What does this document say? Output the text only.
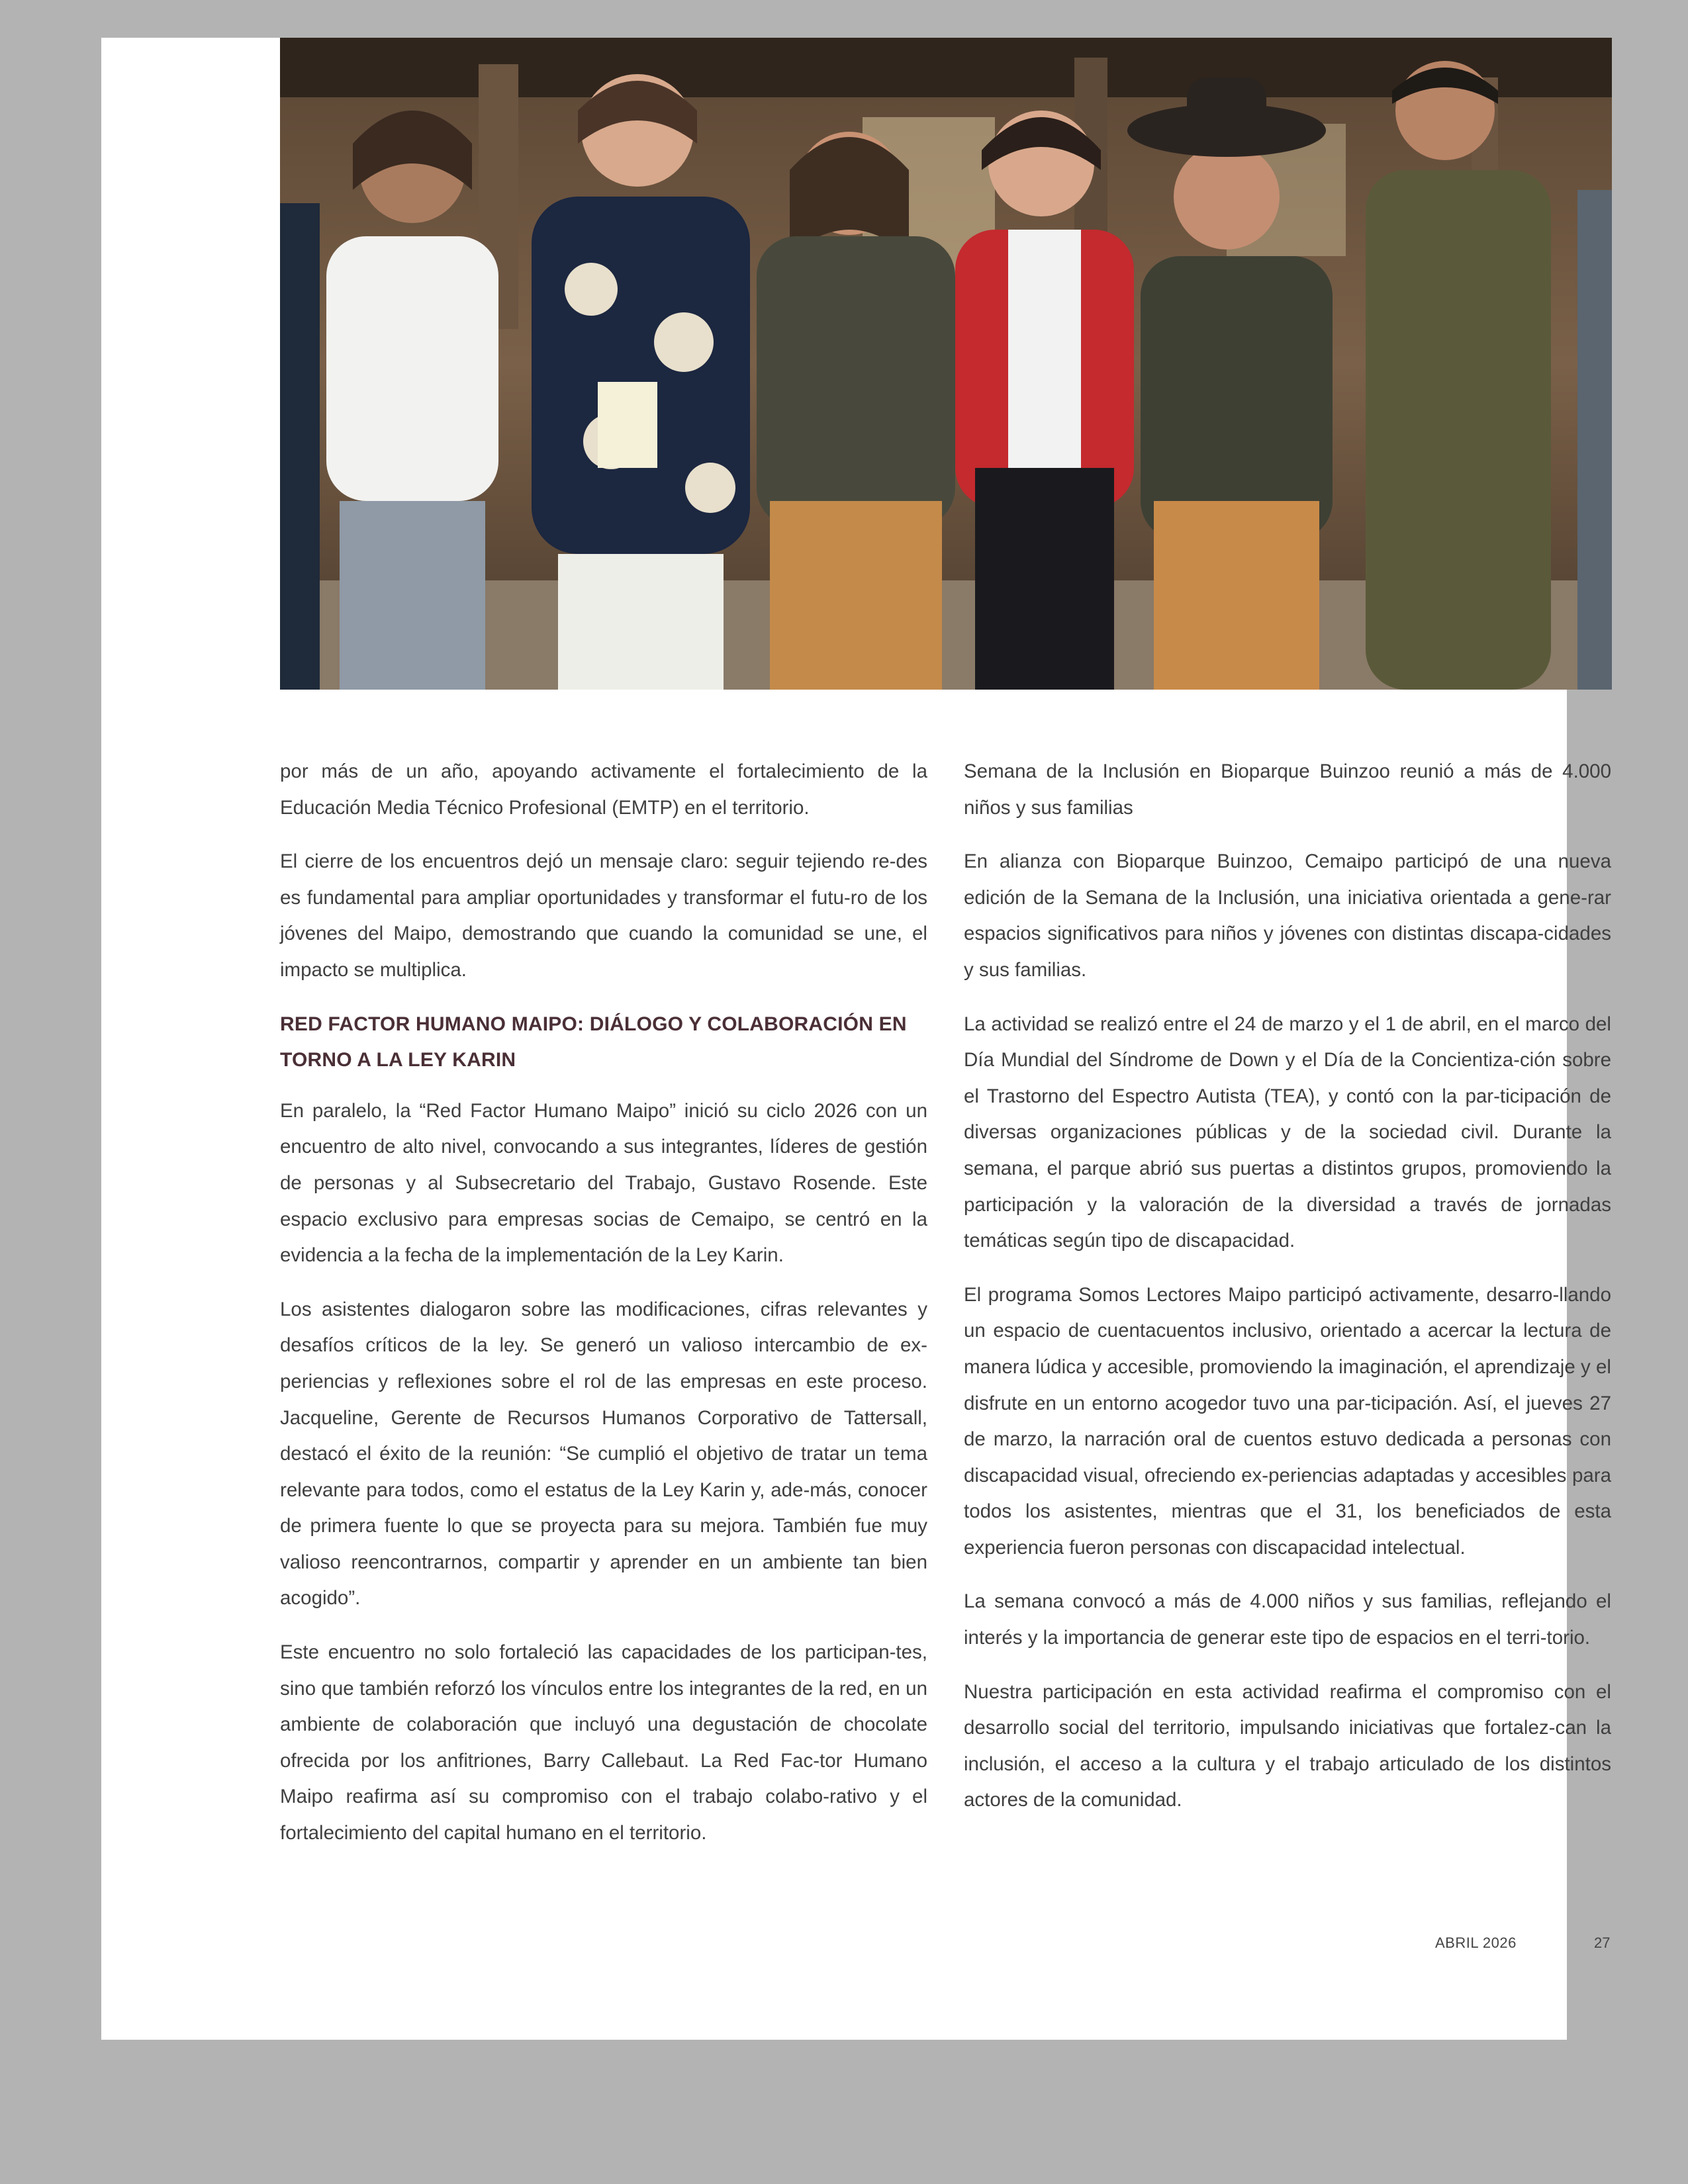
por más de un año, apoyando activamente el fortalecimiento de la Educación Media Técnico Profesional (EMTP) en el territorio.

El cierre de los encuentros dejó un mensaje claro: seguir tejiendo re-des es fundamental para ampliar oportunidades y transformar el futu-ro de los jóvenes del Maipo, demostrando que cuando la comunidad se une, el impacto se multiplica.

RED FACTOR HUMANO MAIPO: DIÁLOGO Y COLABORACIÓN EN TORNO A LA LEY KARIN

En paralelo, la “Red Factor Humano Maipo” inició su ciclo 2026 con un encuentro de alto nivel, convocando a sus integrantes, líderes de gestión de personas y al Subsecretario del Trabajo, Gustavo Rosende. Este espacio exclusivo para empresas socias de Cemaipo, se centró en la evidencia a la fecha de la implementación de la Ley Karin.

Los asistentes dialogaron sobre las modificaciones, cifras relevantes y desafíos críticos de la ley. Se generó un valioso intercambio de ex-periencias y reflexiones sobre el rol de las empresas en este proceso. Jacqueline, Gerente de Recursos Humanos Corporativo de Tattersall, destacó el éxito de la reunión: “Se cumplió el objetivo de tratar un tema relevante para todos, como el estatus de la Ley Karin y, ade-más, conocer de primera fuente lo que se proyecta para su mejora. También fue muy valioso reencontrarnos, compartir y aprender en un ambiente tan bien acogido”.

Este encuentro no solo fortaleció las capacidades de los participan-tes, sino que también reforzó los vínculos entre los integrantes de la red, en un ambiente de colaboración que incluyó una degustación de chocolate ofrecida por los anfitriones, Barry Callebaut. La Red Fac-tor Humano Maipo reafirma así su compromiso con el trabajo colabo-rativo y el fortalecimiento del capital humano en el territorio.

Semana de la Inclusión en Bioparque Buinzoo reunió a más de 4.000 niños y sus familias

En alianza con Bioparque Buinzoo, Cemaipo participó de una nueva edición de la Semana de la Inclusión, una iniciativa orientada a gene-rar espacios significativos para niños y jóvenes con distintas discapa-cidades y sus familias.

La actividad se realizó entre el 24 de marzo y el 1 de abril, en el marco del Día Mundial del Síndrome de Down y el Día de la Concientiza-ción sobre el Trastorno del Espectro Autista (TEA), y contó con la par-ticipación de diversas organizaciones públicas y de la sociedad civil. Durante la semana, el parque abrió sus puertas a distintos grupos, promoviendo la participación y la valoración de la diversidad a través de jornadas temáticas según tipo de discapacidad.

El programa Somos Lectores Maipo participó activamente, desarro-llando un espacio de cuentacuentos inclusivo, orientado a acercar la lectura de manera lúdica y accesible, promoviendo la imaginación, el aprendizaje y el disfrute en un entorno acogedor tuvo una par-ticipación. Así, el jueves 27 de marzo, la narración oral de cuentos estuvo dedicada a personas con discapacidad visual, ofreciendo ex-periencias adaptadas y accesibles para todos los asistentes, mientras que el 31, los beneficiados de esta experiencia fueron personas con discapacidad intelectual.

La semana convocó a más de 4.000 niños y sus familias, reflejando el interés y la importancia de generar este tipo de espacios en el terri-torio.

Nuestra participación en esta actividad reafirma el compromiso con el desarrollo social del territorio, impulsando iniciativas que fortalez-can la inclusión, el acceso a la cultura y el trabajo articulado de los distintos actores de la comunidad.

ABRIL 2026	27
